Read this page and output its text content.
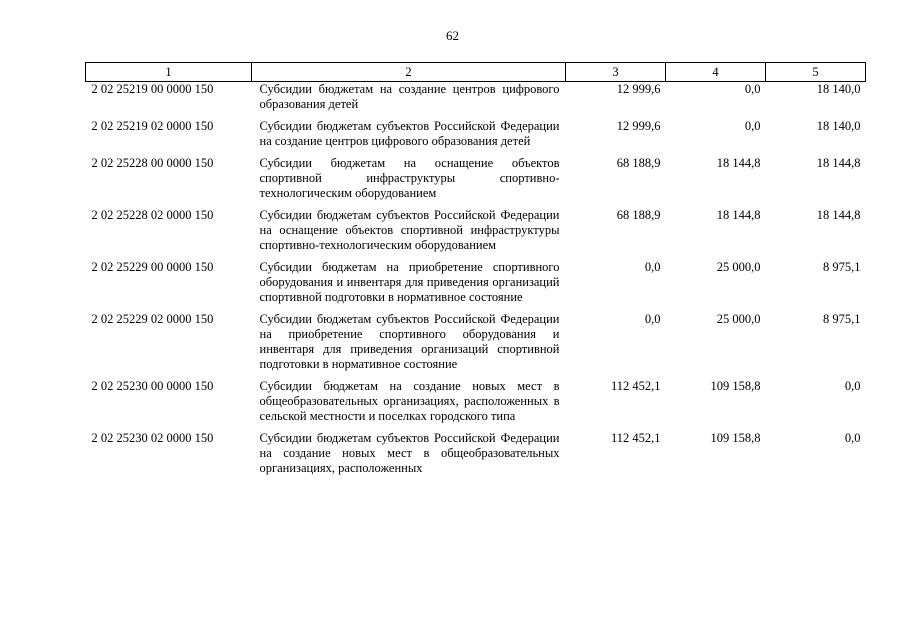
62
1	2	3	4	5
2 02 25219 00 0000 150	Субсидии бюджетам на создание центров цифрового образования детей	12 999,6	0,0	18 140,0
2 02 25219 02 0000 150	Субсидии бюджетам субъектов Российской Федерации на создание центров цифрового образования детей	12 999,6	0,0	18 140,0
2 02 25228 00 0000 150	Субсидии бюджетам на оснащение объектов спортивной инфраструктуры спортивно-технологическим оборудованием	68 188,9	18 144,8	18 144,8
2 02 25228 02 0000 150	Субсидии бюджетам субъектов Российской Федерации на оснащение объектов спортивной инфраструктуры спортивно-технологическим оборудованием	68 188,9	18 144,8	18 144,8
2 02 25229 00 0000 150	Субсидии бюджетам на приобретение спортивного оборудования и инвентаря для приведения организаций спортивной подготовки в нормативное состояние	0,0	25 000,0	8 975,1
2 02 25229 02 0000 150	Субсидии бюджетам субъектов Российской Федерации на приобретение спортивного оборудования и инвентаря для приведения организаций спортивной подготовки в нормативное состояние	0,0	25 000,0	8 975,1
2 02 25230 00 0000 150	Субсидии бюджетам на создание новых мест в общеобразовательных организациях, расположенных в сельской местности и поселках городского типа	112 452,1	109 158,8	0,0
2 02 25230 02 0000 150	Субсидии бюджетам субъектов Российской Федерации на создание новых мест в общеобразовательных организациях, расположенных	112 452,1	109 158,8	0,0
